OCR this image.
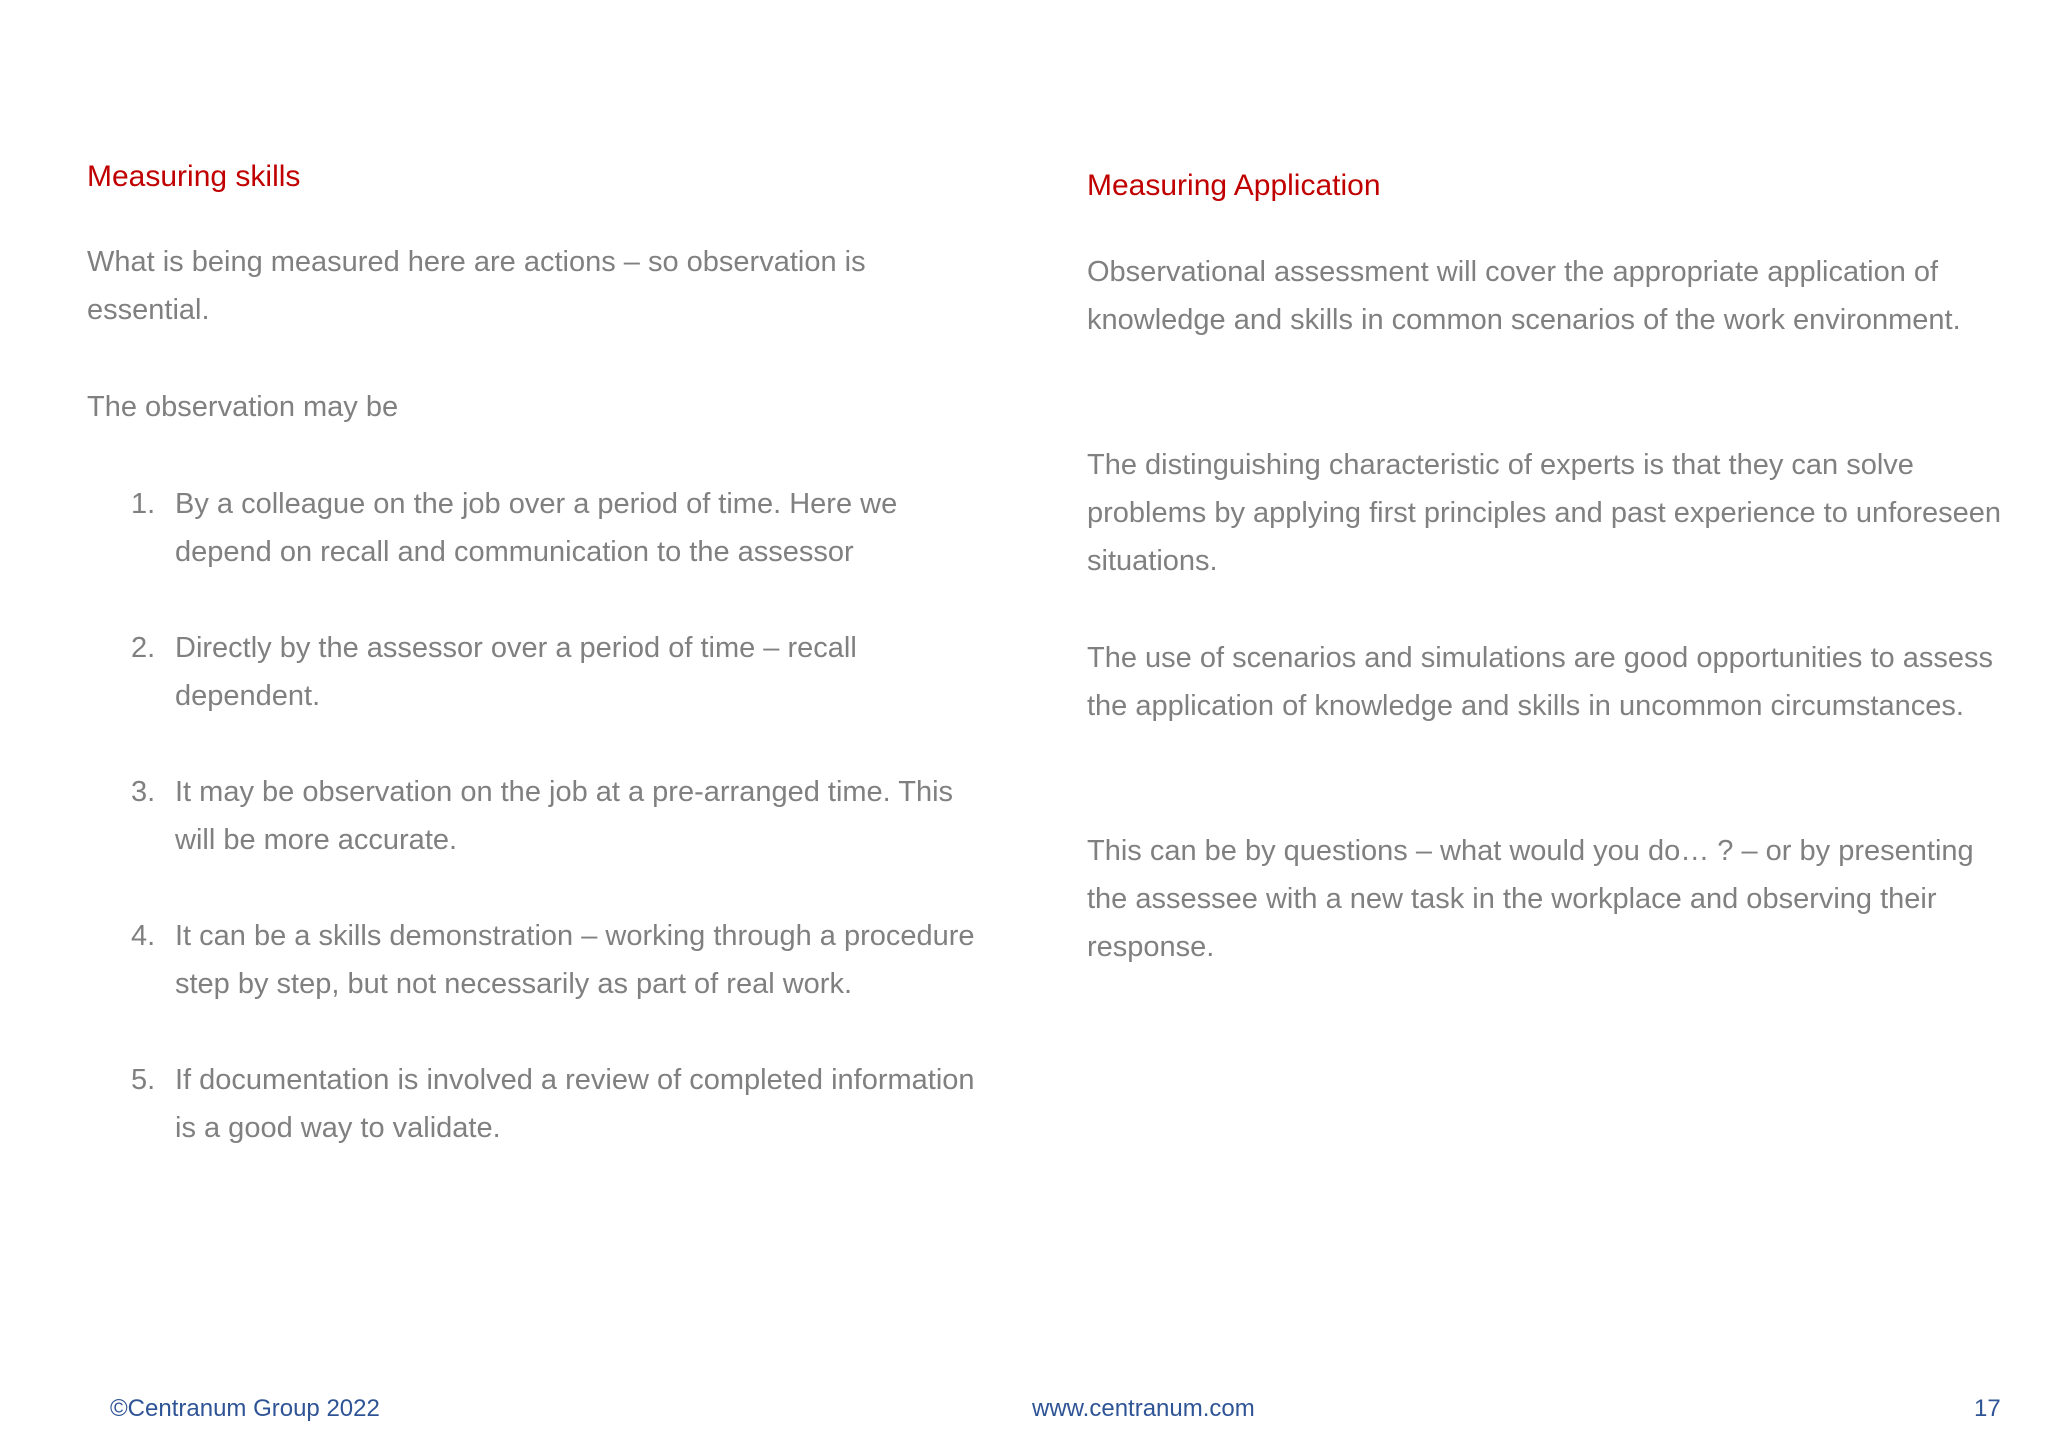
Measuring skills

What is being measured here are actions – so observation is essential.

The observation may be

1. By a colleague on the job over a period of time. Here we depend on recall and communication to the assessor
2. Directly by the assessor over a period of time – recall dependent.
3. It may be observation on the job at a pre-arranged time. This will be more accurate.
4. It can be a skills demonstration – working through a procedure step by step, but not necessarily as part of real work.
5. If documentation is involved a review of completed information is a good way to validate.
Measuring Application

Observational assessment will cover the appropriate application of knowledge and skills in common scenarios of the work environment.

The distinguishing characteristic of experts is that they can solve problems by applying first principles and past experience to unforeseen situations.

The use of scenarios and simulations are good opportunities to assess the application of knowledge and skills in uncommon circumstances.

This can be by questions – what would you do… ? – or by presenting the assessee with a new task in the workplace and observing their response.

©Centranum Group 2022	www.centranum.com	17
